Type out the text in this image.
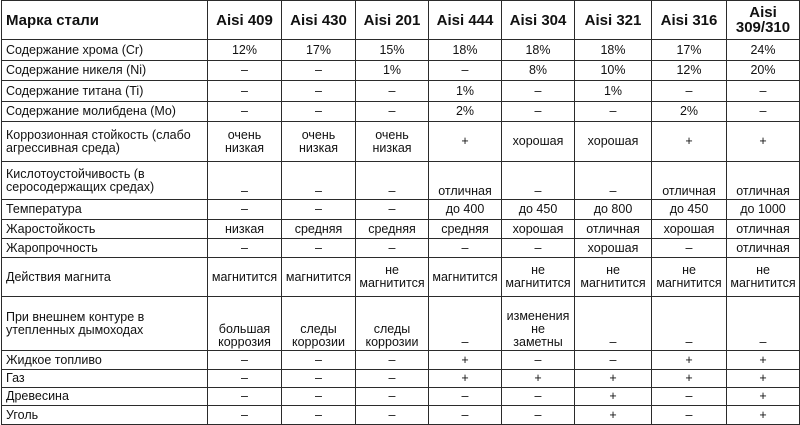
Марка стали	Aisi 409	Aisi 430	Aisi 201	Aisi 444	Aisi 304	Aisi 321	Aisi 316	Aisi 309/310
Содержание хрома (Cr)	12%	17%	15%	18%	18%	18%	17%	24%
Содержание никеля (Ni)	–	–	1%	–	8%	10%	12%	20%
Содержание титана (Ti)	–	–	–	1%	–	1%	–	–
Содержание молибдена (Mo)	–	–	–	2%	–	–	2%	–
Коррозионная стойкость (слабо агрессивная среда)	очень низкая	очень низкая	очень низкая	+	хорошая	хорошая	+	+
Кислотоустойчивость (в серосодержащих средах)	–	–	–	отличная	–	–	отличная	отличная
Температура	–	–	–	до 400	до 450	до 800	до 450	до 1000
Жаростойкость	низкая	средняя	средняя	средняя	хорошая	отличная	хорошая	отличная
Жаропрочность	–	–	–	–	–	хорошая	–	отличная
Действия магнита	магнитится	магнитится	не магнитится	магнитится	не магнитится	не магнитится	не магнитится	не магнитится
При внешнем контуре в утепленных дымоходах	большая коррозия	следы коррозии	следы коррозии	–	изменения не заметны	–	–	–
Жидкое топливо	–	–	–	+	–	–	+	+
Газ	–	–	–	+	+	+	+	+
Древесина	–	–	–	–	–	+	–	+
Уголь	–	–	–	–	–	+	–	+
